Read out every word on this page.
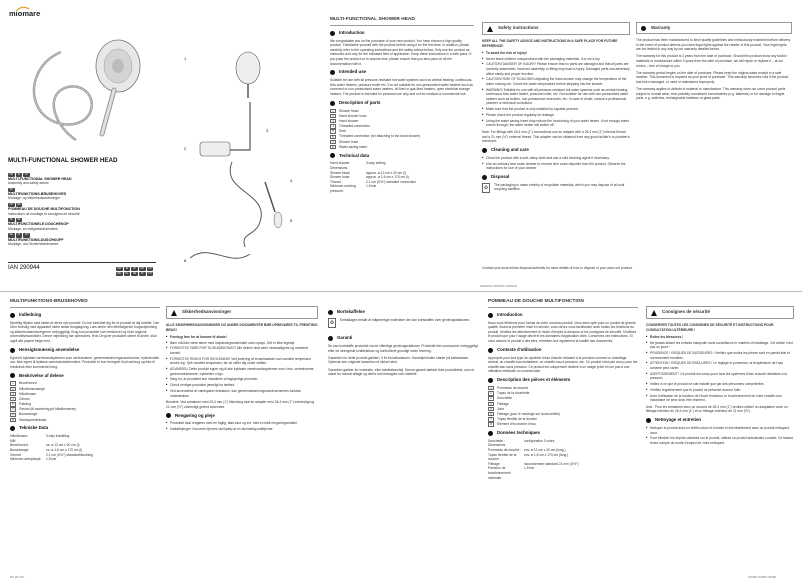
miomare
MULTI-FUNCTIONAL SHOWER HEAD
GB IE NI
MULTI-FUNCTIONAL SHOWER HEAD
Assembly and safety advice
DK
MULTIFUNKTIONS-BRUSEHOVED
Montage- og sikkerhedsanvisninger
FR BE
POMMEAU DE DOUCHE MULTIFONCTION
Instructions de montage et consignes de sécurité
NL BE
MULTIFUNCTIONELE DOUCHEKOP
Montage- en veiligheidsinstructies
DE AT CH
MULTIFUNKTIONS-DUSCHKOPF
Montage- und Sicherheitshinweise
IAN 290944	GB IE NI DK FRBE NL DE AT CH
1
2
3
4
5
8
MULTI-FUNCTIONAL SHOWER HEAD
Introduction

We congratulate you on the purchase of your new product. You have chosen a high quality product. Familiarise yourself with the product before using it for the first time. In addition, please carefully refer to the operating instructions and the safety advice below. Only use the product as instructed and only for the indicated field of application. Keep these instructions in a safe place. If you pass the product on to anyone else, please ensure that you also pass on all the documentation with it.

Intended use

Suitable for use with all pressure-resistant hot water systems such as central heating, continuous-flow water heaters, pressure boiler etc. It is not suitable for non-pressurised water heaters such as unvented or non-pressurised water heaters, oil-fired or gas-fired heaters, open electrical storage heaters. The product is intended for personal use only and not for medical or commercial use.

Description of parts
1	Shower head
2	Hand shower hose
3	Hand shower
4	Threaded connection
5	Seal
6	Threaded connection (for attaching to the hand shower)
7	Shower hose
8	Water-saving insert
Technical data
Hand shower:	3-way setting
Dimensions
Shower head:	approx. ø 12 cm x 20 cm (l)
Shower hose:	approx. ø 1.6 cm x 170 cm (l)
Thread:	2.1 cm (G½") standard connection
Minimum working pressure:
1.5 bar
Safety instructions

KEEP ALL THE SAFETY ADVICE AND INSTRUCTIONS IN A SAFE PLACE FOR FUTURE REFERENCE!

■ To avoid the risk of injury!
■ Never leave children unsupervised with the packaging materials. It is not a toy.
■ CAUTION! DANGER OF INJURY! Please ensure that no parts are damaged and that all parts are correctly assembled. Incorrect assembly or fitting may lead to injury. Damaged parts can adversely affect safety and proper function.
■ CAUTION! RISK OF SCALDING! Adjusting the hand shower may change the temperature of the water coming out. Check the water temperature before stepping into the shower.
■ WARNING! Suitable for use with all pressure-resistant hot water systems such as central heating, continuous-flow water heater, pressure boiler, etc. Not suitable for use with non-pressurised water heaters such as boilers, non-pressurised reservoirs, etc. In case of doubt, consult a professional plumber or technical consultant.
■ Make sure that the product is only installed by capable persons.
■ Please check the product regularly for leakage.
■ Using the water saving insert may reduce the functioning of your water heater. If not enough water comes through, the water heater will switch off.

Note: For fittings with 26.4 mm (1") connections use an adapter with a 26.4 mm (1") internal thread and a 21 mm (½") external thread. This adapter can be obtained from any good builder's or plumber's merchant.

Cleaning and care
■ Clean the product with a soft, damp cloth and use a mild cleaning agent if necessary.
■ Use an ordinary lime scale cleaner to remove lime scale deposits from the product. Observe the instructions for use of your cleaner.
Disposal
♻	The packaging is made entirely of recyclable materials, which you may dispose of at local recycling facilities.
Warranty

The product has been manufactured to strict quality guidelines and meticulously examined before delivery. In the event of product defects you have legal rights against the retailer of this product. Your legal rights are not limited in any way by our warranty detailed below.

The warranty for this product is 3 years from the date of purchase. Should this product show any fault in materials or manufacture within 3 years from the date of purchase, we will repair or replace it – at our choice – free of charge to you.

The warranty period begins on the date of purchase. Please keep the original sales receipt in a safe location. This document is required as your proof of purchase. This warranty becomes void if the product has been damaged, or used or maintained improperly.

The warranty applies to defects in material or manufacture. This warranty does not cover product parts subject to normal wear, thus possibly considered consumables (e.g. batteries) or for damage to fragile parts, e.g. switches, rechargeable batteries or glass parts.

Contact your local refuse disposal authority for more details of how to dispose of your worn-out product.
GB/IE/NI GB/IE/NI GB/IE/NI
MULTIFUNKTIONS-BRUSEHOVED
Indledning

Hjertelig tillykke med købet af deres nye produkt. Du har besluttet dig for et produkt af høj kvalitet. Gør Dem fortrolig med apparatet inden første ibrugtagning. Læs derfor den efterfølgende brugsvejledning og sikkerhedsanvisningerne omhyggeligt. Brug kun produktet som beskrevet og til de angivne anvendelsesområder. Denne vejledning bør opbevares. Hvis De giver produktet videre til andre, skal også alle papirer følge med.

Hensigtsmæssig anvendelse

Egnet til trykfaste varmtvandsystemer som centralvarme, gennemstrømningsvandvarmer, trykbeholder osv. Ikke egnet til trykløse varmtvandsbeholdere. Produktet er kun beregnet til privat brug og ikke til medicinsk eller kommerciel brug.

Beskrivelse af delene
1	Brusehoved
2	Håndbruseslange
3	Håndbruser
4	Gevind
5	Pakning
6	Gevind (til montering på håndbruseren)
7	Bruseslange
8	Vandsparerindsats
Tekniske Data
Håndbruser:	3-vejs indstilling
Mål
Brusehoved:	ca. ø 12 cm x 20 cm (l)
Bruseslange:	ca. ø 1,6 cm x 170 cm (l)
Gevind:	2,1 cm (G½") standardtilslutning
Minimum arbejdstryk:	1,5 bar
Sikkerhedsanvisninger

ALLE SIKKERHEDSANVISNINGER OG ANDRE DOKUMENTER BØR OPBEVARES TIL FREMTIDIG BRUG!

■ Forebyg fare for at komme til skade!
■ Børn må ikke være alene med indpakningsmaterialet uden opsyn. Det er ikke legetøj!
■ FORSIGTIG! FARE FOR TILSKADEKOMST! Alle delene skal være ubeskadigede og monteret korrekt.
■ FORSIGTIG! RISIKO FOR SKOLDNING! Ved justering af bruseinsatsen kan vandets temperatur ændre sig. Tjek vandets temperatur, før du stiller dig under strålen.
■ ADVARSEL! Dette produkt egner sig til alle trykfaste varmtvandssystemer som f.eks. centralvarme, gennemstrømmere, trykkedler o.lign.
■ Sørg for, at produktet kun installeres af fagkyndige personer.
■ Check venligst produktet jævnligt for tæthed.
■ Ved anvendelse af vandsparer-indsatsen, kan gennemstrømningsvandvarmerens funktion indskrænkes.

Bemærk: Ved armaturer med 26,4 mm (1") tilslutning skal en adapter med 26,4 mm (1") indvendigt og 21 mm (½") udvendigt gevind anvendes.

Rengøring og pleje
■ Produktet skal rengøres med en fugtig, blød klud og evt. mild et mildt rengøringsmiddel.
■ Kalkaflejringer i bruseren fjernes ved hjælp af en almindelig kalkfjerner.
Bortskaffelse
♻	Emballagen består af miljøvenlige materialer der kan bortskaffes over genbrugsstationen.
Garanti

Du kan bortskaffe produktet via de offentlige genbrugsstationer. Produktet blev produceret omhyggeligt efter de strengeste kvalitetskrav og kontrolleret grundigt inden levering.

Garantien for dette produkt gælder i 3 år fra købsdatoen. Garantiperioden starter på købsdatoen. Opbevar den originale kassebon et sikkert sted.

Garantien gælder for materiale- eller fabrikationsfejl. Denne garanti dækker ikke produktdele, som er udsat for normal slitage og derfor kan betragtes som sliddele.

DK DK DK
POMMEAU DE DOUCHE MULTIFONCTION
Introduction

Nous vous félicitons pour l'achat de votre nouveau produit. Vous avez opté pour un produit de grande qualité. Avant la première mise en service, vous devez vous familiariser avec toutes les fonctions du produit. Veuillez lire attentivement le mode d'emploi ci-dessous et les consignes de sécurité. N'utilisez le produit que pour l'usage décrit et les domaines d'application cités. Conservez ces instructions. Si vous donnez le produit à des tiers, remettez-leur également la totalité des documents.

Contexte d'utilisation

Approprié pour tout type de système d'eau chaude résistant à la pression comme un chauffage central, un chauffe-eau instantané, un chauffe-eau à pression, etc. Ce produit n'est pas conçu pour les chauffe-eau sans pression. Ce produit est uniquement destiné à un usage privé et non pas à une utilisation médicale ou commerciale.

Description des pièces et éléments
1	Pommeau de douche
2	Tuyau de la douchette
3	Douchette
4	Filetage
5	Joint
6	Filetage (pour le montage sur la douchette)
7	Tuyau flexible de la douche
8	Élément d'économie d'eau
Données techniques
Douchette :	configuration 3 voies
Dimensions
Pommeau de douche : env. ø 12 cm x 20 cm (long.)
Tuyau flexible de la douche :
env. ø 1,6 cm x 170 cm (long.)
Filetage :	raccordement standard 21 mm (G½")
Pression de fonctionnement minimale :
1,5 bar
Consignes de sécurité

CONSERVER TOUTES LES CONSIGNES DE SÉCURITÉ ET INSTRUCTIONS POUR CONSULTATION ULTÉRIEURE !

■ Évitez les blessures !
■ Ne jamais laisser les enfants manipuler sans surveillance le matériel d'emballage. Cet article n'est pas un jouet !
■ PRUDENCE ! RISQUES DE BLESSURES ! Vérifiez que toutes les pièces sont en parfait état et correctement montées.
■ ATTENTION ! RISQUES DE BRÛLURES ! Le réglage le pommeau, la température de l'eau sortante peut varier.
■ AVERTISSEMENT ! Ce produit est conçu pour tous les systèmes d'eau chaude résistants à la pression.
■ Veillez à ce que le produit ne soit installé que par des personnes compétentes.
■ Vérifiez régulièrement que le produit ne présente aucune fuite.
■ Avec l'utilisation de la fonction de l'écart réducteur, le fonctionnement de votre chauffe-eau instantané ne sera donc être restreint.

Avis : Pour les armatures avec un raccord de 26,4 mm (1") veuillez utiliser un adaptateur avec un filetage intérieur de 26,4 mm (1") et un filetage extérieur de 21 mm (½").

Nettoyage et entretien
■ Nettoyez le produit avec un chiffon doux et humide et éventuellement avec un produit nettoyant doux.
■ Pour éliminer les dépôts calcaires sur le produit, utilisez un produit anticalcaire courant. Ce faisant, tenez compte du mode d'emploi de votre nettoyant.
FR/BE FR/BE FR/BE
